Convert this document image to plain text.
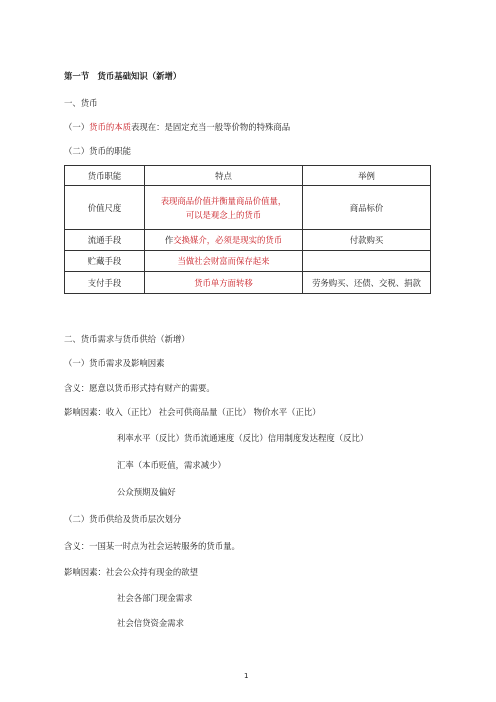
第一节　货币基础知识（新增）
一、货币
（一）货币的本质表现在：是固定充当一般等价物的特殊商品
（二）货币的职能
货币职能	特点	举例
价值尺度	表现商品价值并衡量商品价值量，
可以是观念上的货币	商品标价
流通手段	作交换媒介，必须是现实的货币	付款购买
贮藏手段	当做社会财富而保存起来	
支付手段	货币单方面转移	劳务购买、还债、交税、捐款
二、货币需求与货币供给（新增）
（一）货币需求及影响因素
含义：愿意以货币形式持有财产的需要。
影响因素：收入（正比） 社会可供商品量（正比） 物价水平（正比）
利率水平（反比）货币流通速度（反比）信用制度发达程度（反比）
汇率（本币贬值，需求减少）
公众预期及偏好
（二）货币供给及货币层次划分
含义：一国某一时点为社会运转服务的货币量。
影响因素：社会公众持有现金的欲望
社会各部门现金需求
社会信贷资金需求
1
